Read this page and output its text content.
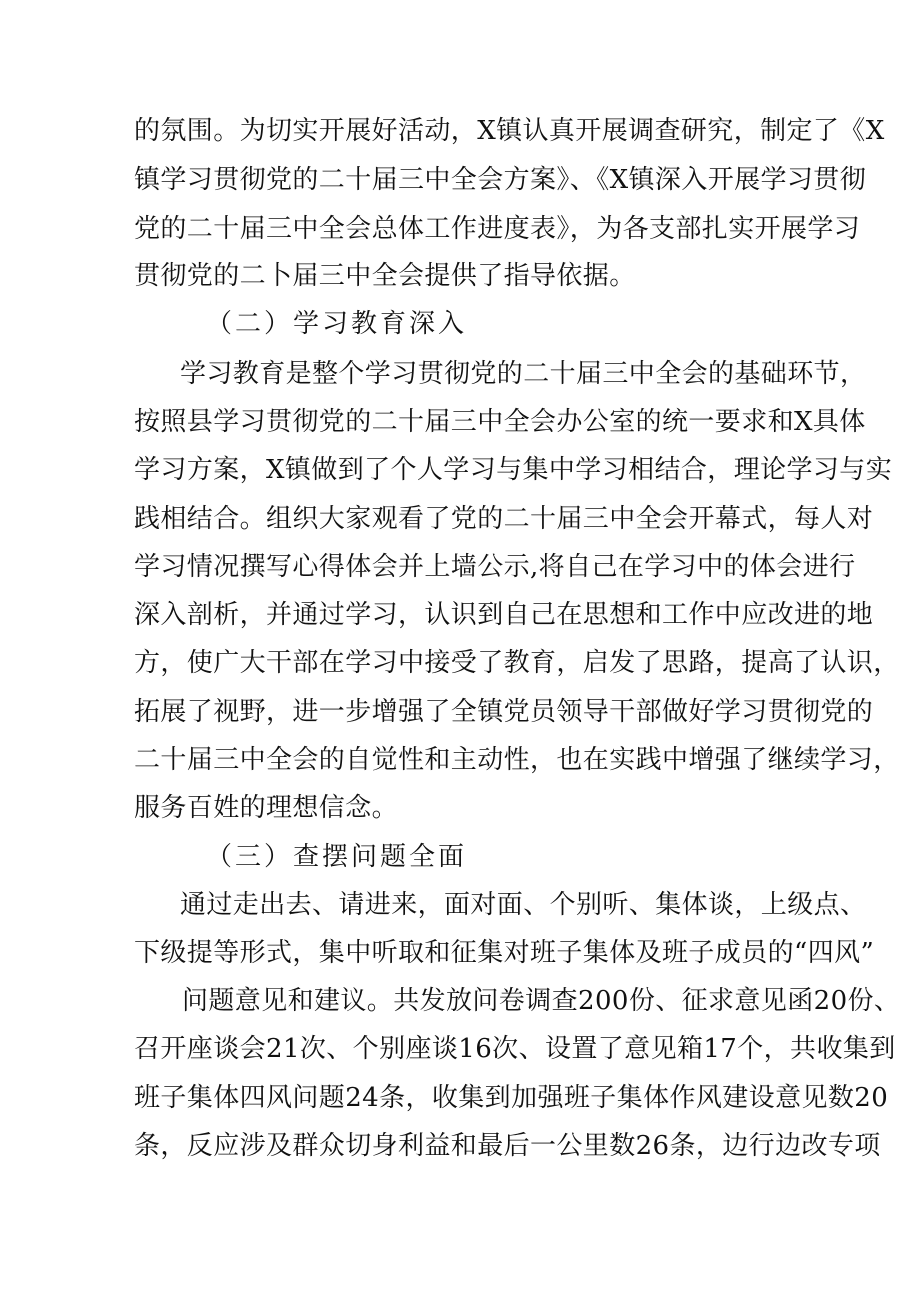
的氛围。为切实开展好活动，X镇认真开展调查研究，制定了《X
镇学习贯彻党的二十届三中全会方案》、《X镇深入开展学习贯彻
党的二十届三中全会总体工作进度表》，为各支部扎实开展学习
贯彻党的二卜届三中全会提供了指导依据。
（二）学习教育深入
学习教育是整个学习贯彻党的二十届三中全会的基础环节，
按照县学习贯彻党的二十届三中全会办公室的统一要求和X具体
学习方案，X镇做到了个人学习与集中学习相结合，理论学习与实
践相结合。组织大家观看了党的二十届三中全会开幕式，每人对
学习情况撰写心得体会并上墙公示,将自己在学习中的体会进行
深入剖析，并通过学习，认识到自己在思想和工作中应改进的地
方，使广大干部在学习中接受了教育，启发了思路，提高了认识，
拓展了视野，进一步增强了全镇党员领导干部做好学习贯彻党的
二十届三中全会的自觉性和主动性，也在实践中增强了继续学习，
服务百姓的理想信念。
（三）查摆问题全面
通过走出去、请进来，面对面、个别听、集体谈，上级点、
下级提等形式，集中听取和征集对班子集体及班子成员的“四风”
问题意见和建议。共发放问卷调查200份、征求意见函20份、
召开座谈会21次、个别座谈16次、设置了意见箱17个，共收集到
班子集体四风问题24条，收集到加强班子集体作风建设意见数20
条，反应涉及群众切身利益和最后一公里数26条，边行边改专项
